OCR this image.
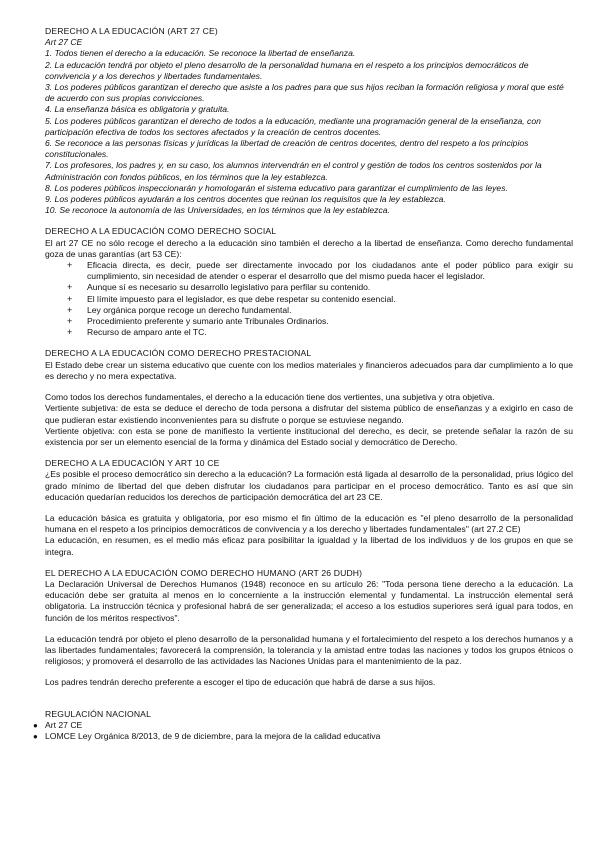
DERECHO A LA EDUCACIÓN (ART 27 CE)

Art 27 CE

1. Todos tienen el derecho a la educación. Se reconoce la libertad de enseñanza.

2. La educación tendrá por objeto el pleno desarrollo de la personalidad humana en el respeto a los principios democráticos de convivencia y a los derechos y libertades fundamentales.

3. Los poderes públicos garantizan el derecho que asiste a los padres para que sus hijos reciban la formación religiosa y moral que esté de acuerdo con sus propias convicciones.

4. La enseñanza básica es obligatoria y gratuita.

5. Los poderes públicos garantizan el derecho de todos a la educación, mediante una programación general de la enseñanza, con participación efectiva de todos los sectores afectados y la creación de centros docentes.

6. Se reconoce a las personas físicas y jurídicas la libertad de creación de centros docentes, dentro del respeto a los principios constitucionales.

7. Los profesores, los padres y, en su caso, los alumnos intervendrán en el control y gestión de todos los centros sostenidos por la Administración con fondos públicos, en los términos que la ley establezca.

8. Los poderes públicos inspeccionarán y homologarán el sistema educativo para garantizar el cumplimiento de las leyes.

9. Los poderes públicos ayudarán a los centros docentes que reúnan los requisitos que la ley establezca.

10. Se reconoce la autonomía de las Universidades, en los términos que la ley establezca.

DERECHO A LA EDUCACIÓN COMO DERECHO SOCIAL

El art 27 CE no sólo recoge el derecho a la educación sino también el derecho a la libertad de enseñanza. Como derecho fundamental goza de unas garantías (art 53 CE):

+ Eficacia directa, es decir, puede ser directamente invocado por los ciudadanos ante el poder público para exigir su cumplimiento, sin necesidad de atender o esperar el desarrollo que del mismo pueda hacer el legislador.
+ Aunque sí es necesario su desarrollo legislativo para perfilar su contenido.
+ El límite impuesto para el legislador, es que debe respetar su contenido esencial.
+ Ley orgánica porque recoge un derecho fundamental.
+ Procedimiento preferente y sumario ante Tribunales Ordinarios.
+ Recurso de amparo ante el TC.

DERECHO A LA EDUCACIÓN COMO DERECHO PRESTACIONAL

El Estado debe crear un sistema educativo que cuente con los medios materiales y financieros adecuados para dar cumplimiento a lo que es derecho y no mera expectativa.

Como todos los derechos fundamentales, el derecho a la educación tiene dos vertientes, una subjetiva y otra objetiva.

Vertiente subjetiva: de esta se deduce el derecho de toda persona a disfrutar del sistema público de enseñanzas y a exigirlo en caso de que pudieran estar existiendo inconvenientes para su disfrute o porque se estuviese negando.

Vertiente objetiva: con esta se pone de manifiesto la vertiente institucional del derecho, es decir, se pretende señalar la razón de su existencia por ser un elemento esencial de la forma y dinámica del Estado social y democrático de Derecho.

DERECHO A LA EDUCACIÓN Y ART 10 CE

¿Es posible el proceso democrático sin derecho a la educación? La formación está ligada al desarrollo de la personalidad, prius lógico del grado mínimo de libertad del que deben disfrutar los ciudadanos para participar en el proceso democrático. Tanto es así que sin educación quedarían reducidos los derechos de participación democrática del art 23 CE.

La educación básica es gratuita y obligatoria, por eso mismo el fin último de la educación es "el pleno desarrollo de la personalidad humana en el respeto a los principios democráticos de convivencia y a los derecho y libertades fundamentales" (art 27.2 CE)

La educación, en resumen, es el medio más eficaz para posibilitar la igualdad y la libertad de los individuos y de los grupos en que se integra.

EL DERECHO A LA EDUCACIÓN COMO DERECHO HUMANO (ART 26 DUDH)

La Declaración Universal de Derechos Humanos (1948) reconoce en su artículo 26: "Toda persona tiene derecho a la educación. La educación debe ser gratuita al menos en lo concerniente a la instrucción elemental y fundamental. La instrucción elemental será obligatoria. La instrucción técnica y profesional habrá de ser generalizada; el acceso a los estudios superiores será igual para todos, en función de los méritos respectivos".

La educación tendrá por objeto el pleno desarrollo de la personalidad humana y el fortalecimiento del respeto a los derechos humanos y a las libertades fundamentales; favorecerá la comprensión, la tolerancia y la amistad entre todas las naciones y todos los grupos étnicos o religiosos; y promoverá el desarrollo de las actividades las Naciones Unidas para el mantenimiento de la paz.

Los padres tendrán derecho preferente a escoger el tipo de educación que habrá de darse a sus hijos.

REGULACIÓN NACIONAL

● Art 27 CE
● LOMCE Ley Orgánica 8/2013, de 9 de diciembre, para la mejora de la calidad educativa
